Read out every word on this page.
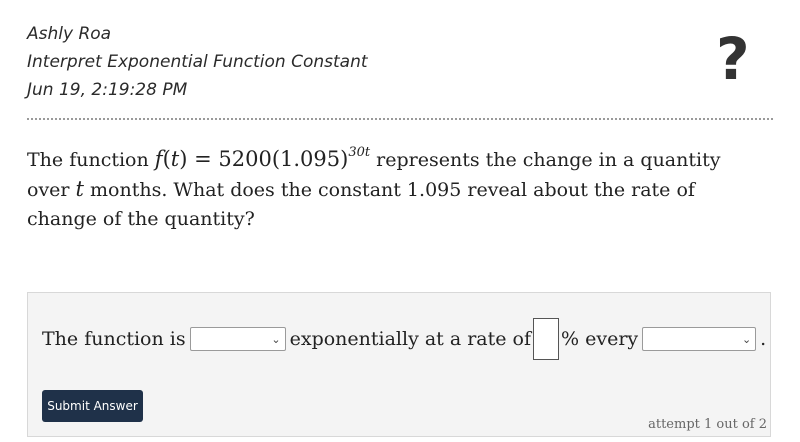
Ashly Roa
Interpret Exponential Function Constant
Jun 19, 2:19:28 PM	?
The function $f(t) = 5200(1.095)^{30t}$ represents the change in a quantity over t months. What does the constant 1.095 reveal about the rate of change of the quantity?
The function is	⌄ exponentially at a rate of % every	⌄ .
Submit Answer
attempt 1 out of 2
